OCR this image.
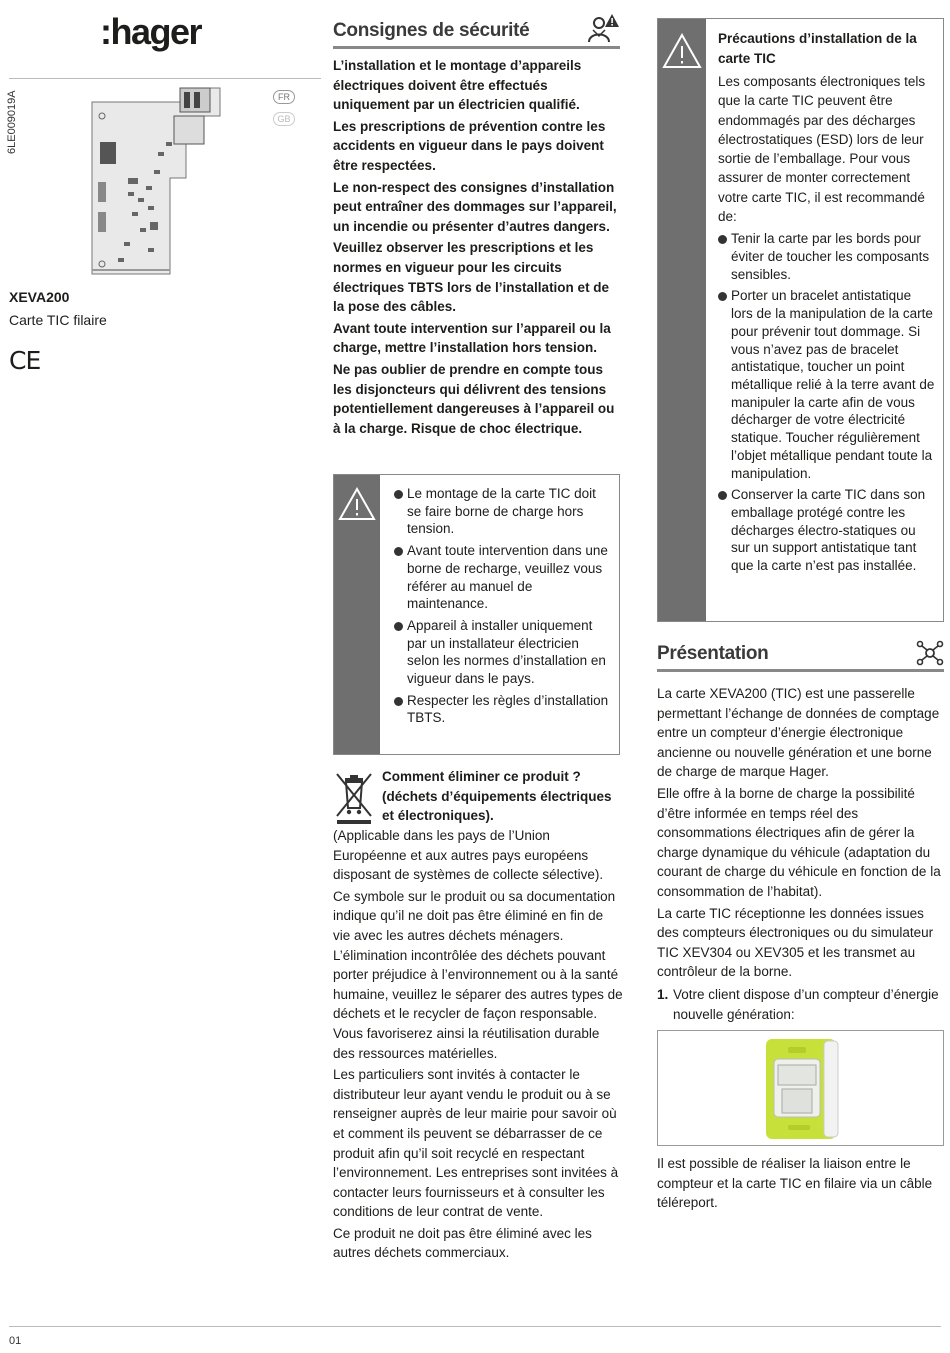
:hager
6LE009019A	FR
GB
XEVA200
Carte TIC filaire
CE
Consignes de sécurité

L’installation et le montage d’appareils électriques doivent être effectués uniquement par un électricien qualifié.

Les prescriptions de prévention contre les accidents en vigueur dans le pays doivent être respectées.

Le non-respect des consignes d’installation peut entraîner des dommages sur l’appareil, un incendie ou présenter d’autres dangers.

Veuillez observer les prescriptions et les normes en vigueur pour les circuits électriques TBTS lors de l’installation et de la pose des câbles.

Avant toute intervention sur l’appareil ou la charge, mettre l’installation hors tension.

Ne pas oublier de prendre en compte tous les disjoncteurs qui délivrent des tensions potentiellement dangereuses à l’appareil ou à la charge. Risque de choc électrique.

Le montage de la carte TIC doit se faire borne de charge hors tension.
Avant toute intervention dans une borne de recharge, veuillez vous référer au manuel de maintenance.
Appareil à installer uniquement par un installateur électricien selon les normes d’installation en vigueur dans le pays.
Respecter les règles d’installation TBTS.
Comment éliminer ce produit ? (déchets d’équipements électriques et électroniques).

(Applicable dans les pays de l’Union Européenne et aux autres pays européens disposant de systèmes de collecte sélective).

Ce symbole sur le produit ou sa documentation indique qu’il ne doit pas être éliminé en fin de vie avec les autres déchets ménagers. L’élimination incontrôlée des déchets pouvant porter préjudice à l’environnement ou à la santé humaine, veuillez le séparer des autres types de déchets et le recycler de façon responsable. Vous favoriserez ainsi la réutilisation durable des ressources matérielles.

Les particuliers sont invités à contacter le distributeur leur ayant vendu le produit ou à se renseigner auprès de leur mairie pour savoir où et comment ils peuvent se débarrasser de ce produit afin qu’il soit recyclé en respectant l’environnement. Les entreprises sont invitées à contacter leurs fournisseurs et à consulter les conditions de leur contrat de vente.

Ce produit ne doit pas être éliminé avec les autres déchets commerciaux.

Précautions d’installation de la carte TIC
Les composants électroniques tels que la carte TIC peuvent être endommagés par des décharges électrostatiques (ESD) lors de leur sortie de l’emballage. Pour vous assurer de monter correctement votre carte TIC, il est recommandé de:
Tenir la carte par les bords pour éviter de toucher les composants sensibles.
Porter un bracelet antistatique lors de la manipulation de la carte pour prévenir tout dommage. Si vous n’avez pas de bracelet antistatique, toucher un point métallique relié à la terre avant de manipuler la carte afin de vous décharger de votre électricité statique. Toucher régulièrement l’objet métallique pendant toute la manipulation.
Conserver la carte TIC dans son emballage protégé contre les décharges électro-statiques ou sur un support antistatique tant que la carte n’est pas installée.
Présentation

La carte XEVA200 (TIC) est une passerelle permettant l’échange de données de comptage entre un compteur d’énergie électronique ancienne ou nouvelle génération et une borne de charge de marque Hager.

Elle offre à la borne de charge la possibilité d’être informée en temps réel des consommations électriques afin de gérer la charge dynamique du véhicule (adaptation du courant de charge du véhicule en fonction de la consommation de l’habitat).

La carte TIC réceptionne les données issues des compteurs électroniques ou du simulateur TIC XEV304 ou XEV305 et les transmet au contrôleur de la borne.

1. Votre client dispose d’un compteur d’énergie nouvelle génération:
Il est possible de réaliser la liaison entre le compteur et la carte TIC en filaire via un câble téléreport.
01
